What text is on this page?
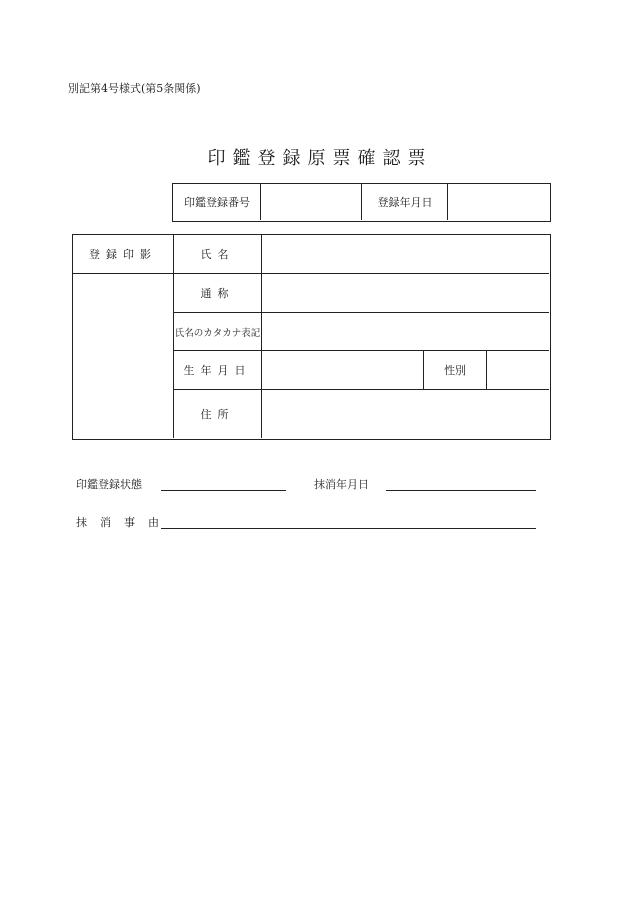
別記第4号様式(第5条関係)
印鑑登録原票確認票
印鑑登録番号	登録年月日
登録印影	氏名
通称
氏名のカタカナ表記
生年月日	性別
住所
印鑑登録状態	抹消年月日
抹　消　事　由
